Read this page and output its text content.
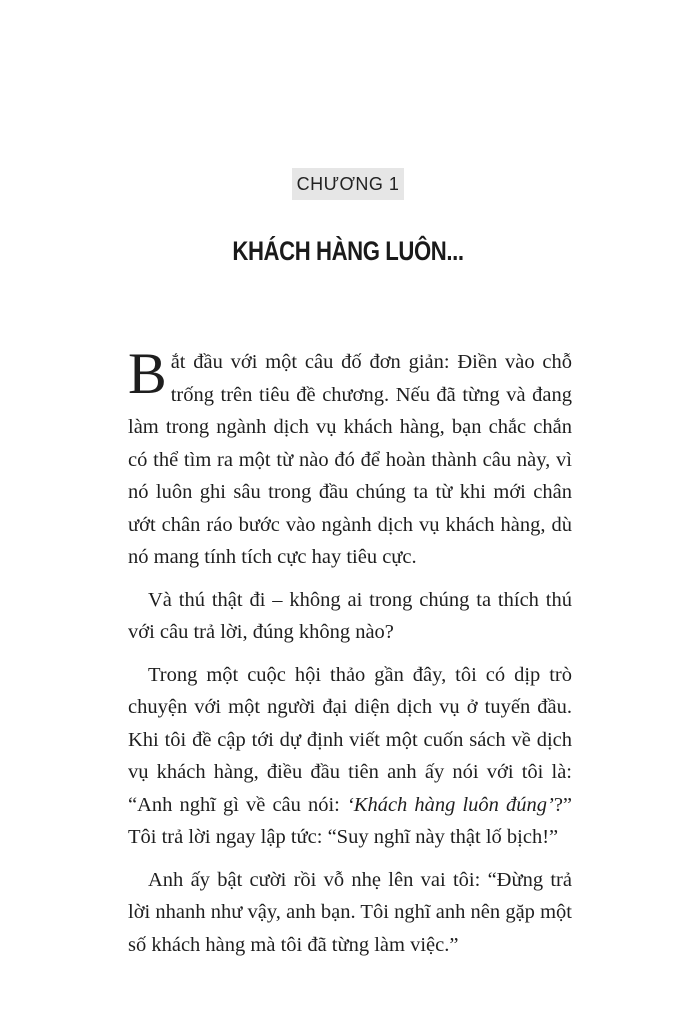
CHƯƠNG 1
KHÁCH HÀNG LUÔN...

Bắt đầu với một câu đố đơn giản: Điền vào chỗ trống trên tiêu đề chương. Nếu đã từng và đang làm trong ngành dịch vụ khách hàng, bạn chắc chắn có thể tìm ra một từ nào đó để hoàn thành câu này, vì nó luôn ghi sâu trong đầu chúng ta từ khi mới chân ướt chân ráo bước vào ngành dịch vụ khách hàng, dù nó mang tính tích cực hay tiêu cực.

Và thú thật đi – không ai trong chúng ta thích thú với câu trả lời, đúng không nào?

Trong một cuộc hội thảo gần đây, tôi có dịp trò chuyện với một người đại diện dịch vụ ở tuyến đầu. Khi tôi đề cập tới dự định viết một cuốn sách về dịch vụ khách hàng, điều đầu tiên anh ấy nói với tôi là: “Anh nghĩ gì về câu nói: ‘Khách hàng luôn đúng’?” Tôi trả lời ngay lập tức: “Suy nghĩ này thật lố bịch!”

Anh ấy bật cười rồi vỗ nhẹ lên vai tôi: “Đừng trả lời nhanh như vậy, anh bạn. Tôi nghĩ anh nên gặp một số khách hàng mà tôi đã từng làm việc.”
